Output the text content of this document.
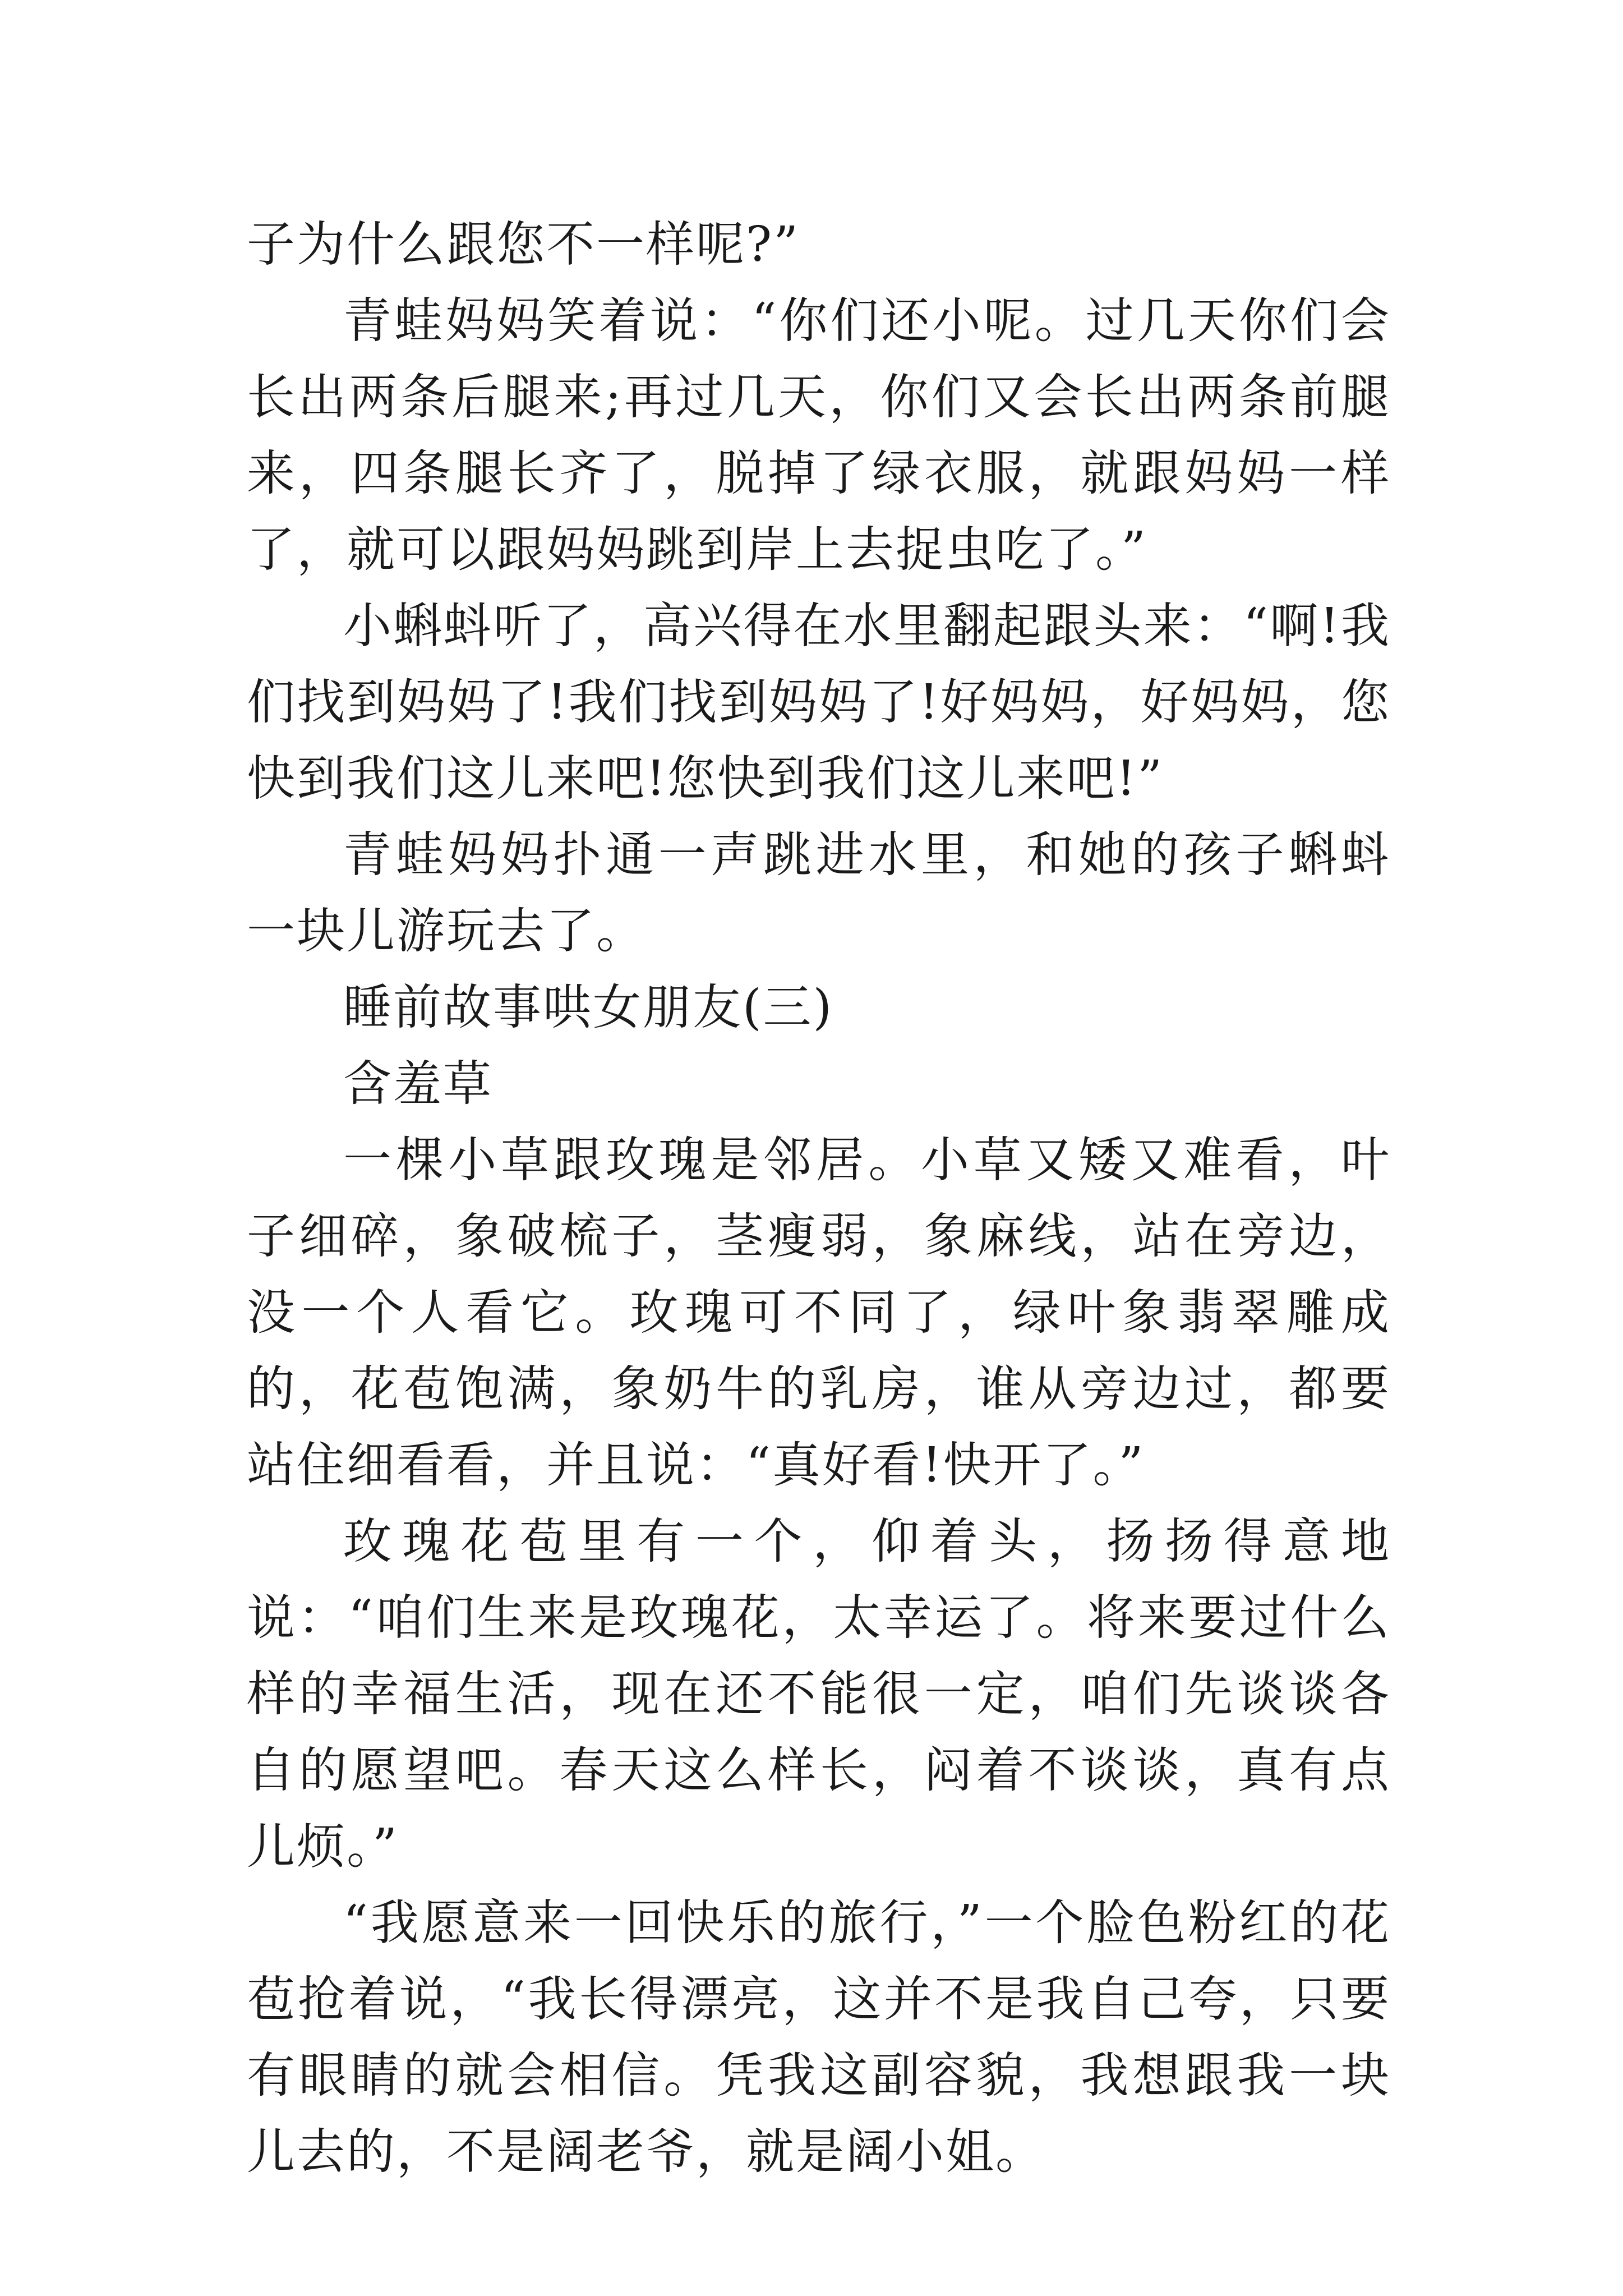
子为什么跟您不一样呢?”

青蛙妈妈笑着说：“你们还小呢。过几天你们会长出两条后腿来;再过几天，你们又会长出两条前腿来，四条腿长齐了，脱掉了绿衣服，就跟妈妈一样了，就可以跟妈妈跳到岸上去捉虫吃了。”

小蝌蚪听了，高兴得在水里翻起跟头来：“啊!我们找到妈妈了!我们找到妈妈了!好妈妈，好妈妈，您快到我们这儿来吧!您快到我们这儿来吧!”

青蛙妈妈扑通一声跳进水里，和她的孩子蝌蚪一块儿游玩去了。

睡前故事哄女朋友(三)

含羞草

一棵小草跟玫瑰是邻居。小草又矮又难看，叶子细碎，象破梳子，茎瘦弱，象麻线，站在旁边，没一个人看它。玫瑰可不同了，绿叶象翡翠雕成的，花苞饱满，象奶牛的乳房，谁从旁边过，都要站住细看看，并且说：“真好看!快开了。”

玫瑰花苞里有一个，仰着头，扬扬得意地说：“咱们生来是玫瑰花，太幸运了。将来要过什么样的幸福生活，现在还不能很一定，咱们先谈谈各自的愿望吧。春天这么样长，闷着不谈谈，真有点儿烦。”

“我愿意来一回快乐的旅行，”一个脸色粉红的花苞抢着说，“我长得漂亮，这并不是我自己夸，只要有眼睛的就会相信。凭我这副容貌，我想跟我一块儿去的，不是阔老爷，就是阔小姐。
